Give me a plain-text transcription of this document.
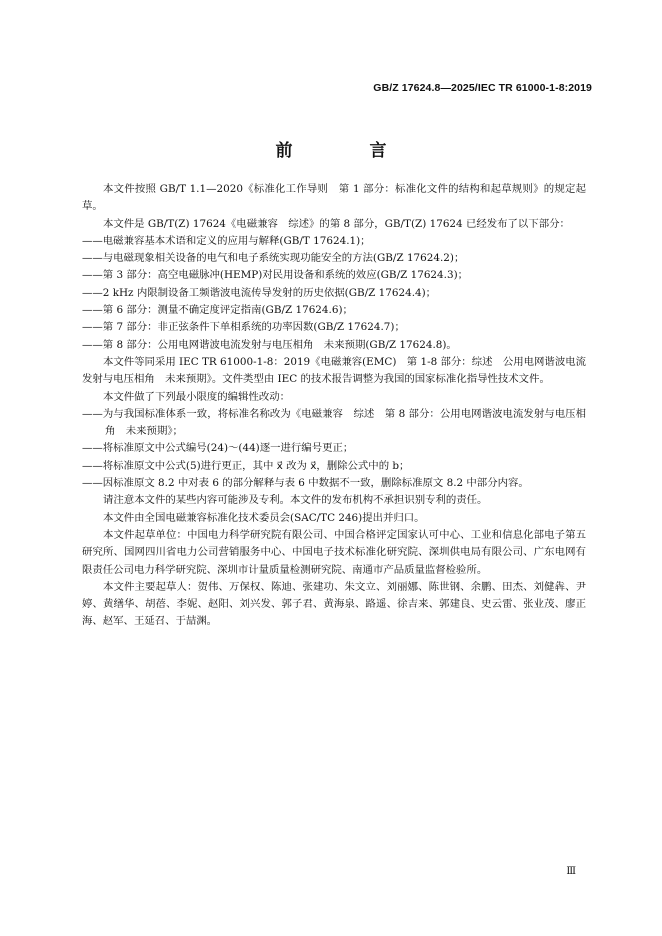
GB/Z 17624.8—2025/IEC TR 61000-1-8:2019
前　言

本文件按照 GB/T 1.1—2020《标准化工作导则　第 1 部分：标准化文件的结构和起草规则》的规定起草。

本文件是 GB/T(Z) 17624《电磁兼容　综述》的第 8 部分，GB/T(Z) 17624 已经发布了以下部分：

——电磁兼容基本术语和定义的应用与解释(GB/T 17624.1)；

——与电磁现象相关设备的电气和电子系统实现功能安全的方法(GB/Z 17624.2)；

——第 3 部分：高空电磁脉冲(HEMP)对民用设备和系统的效应(GB/Z 17624.3)；

——2 kHz 内限制设备工频谐波电流传导发射的历史依据(GB/Z 17624.4)；

——第 6 部分：测量不确定度评定指南(GB/Z 17624.6)；

——第 7 部分：非正弦条件下单相系统的功率因数(GB/Z 17624.7)；

——第 8 部分：公用电网谐波电流发射与电压相角　未来预期(GB/Z 17624.8)。

本文件等同采用 IEC TR 61000-1-8：2019《电磁兼容(EMC)　第 1-8 部分：综述　公用电网谐波电流发射与电压相角　未来预期》。文件类型由 IEC 的技术报告调整为我国的国家标准化指导性技术文件。

本文件做了下列最小限度的编辑性改动：

——为与我国标准体系一致，将标准名称改为《电磁兼容　综述　第 8 部分：公用电网谐波电流发射与电压相角　未来预期》；

——将标准原文中公式编号(24)～(44)逐一进行编号更正；

——将标准原文中公式(5)进行更正，其中 x⃗ 改为 x⃗，删除公式中的 b；

——因标准原文 8.2 中对表 6 的部分解释与表 6 中数据不一致，删除标准原文 8.2 中部分内容。

请注意本文件的某些内容可能涉及专利。本文件的发布机构不承担识别专利的责任。

本文件由全国电磁兼容标准化技术委员会(SAC/TC 246)提出并归口。

本文件起草单位：中国电力科学研究院有限公司、中国合格评定国家认可中心、工业和信息化部电子第五研究所、国网四川省电力公司营销服务中心、中国电子技术标准化研究院、深圳供电局有限公司、广东电网有限责任公司电力科学研究院、深圳市计量质量检测研究院、南通市产品质量监督检验所。

本文件主要起草人：贺伟、万保权、陈迪、张建功、朱文立、刘丽娜、陈世钢、余鹏、田杰、刘健犇、尹婷、黄缮华、胡蓓、李妮、赵阳、刘兴发、郭子君、黄海泉、路遥、徐吉来、郭建良、史云雷、张业茂、廖正海、赵军、王延召、于喆渊。

Ⅲ
